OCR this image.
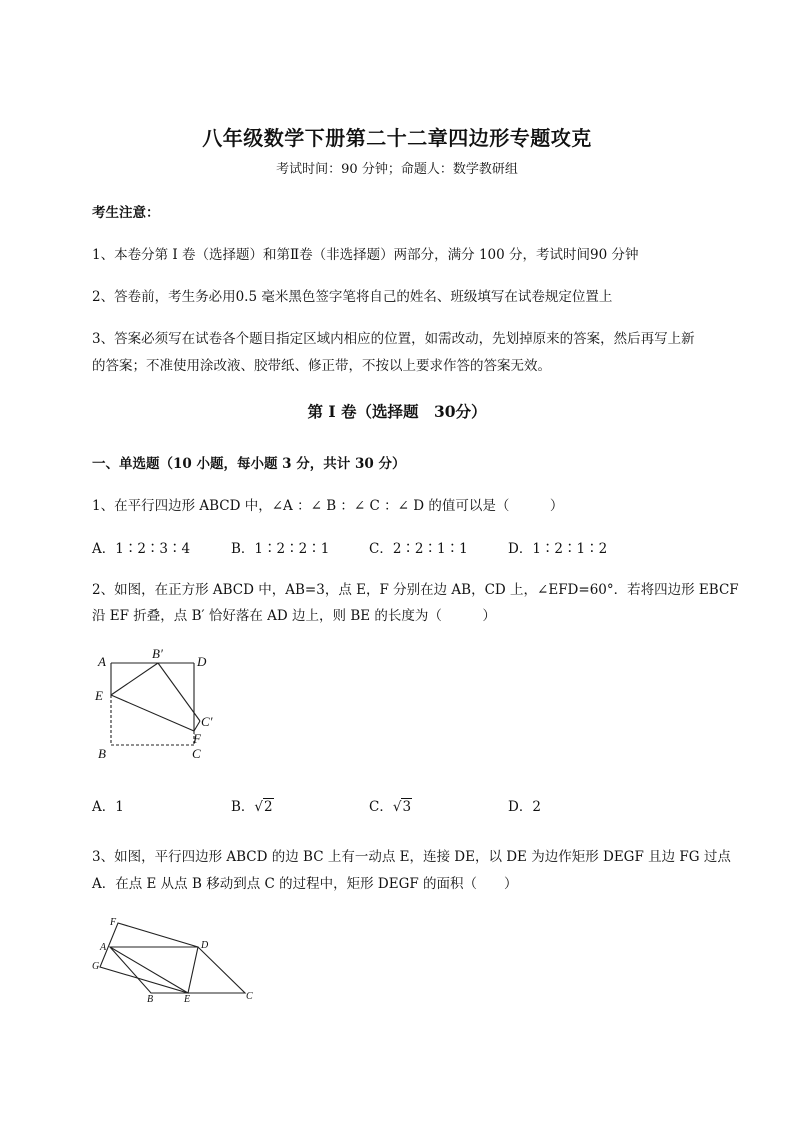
八年级数学下册第二十二章四边形专题攻克
考试时间：90 分钟；命题人：数学教研组
考生注意：
1、本卷分第 I 卷（选择题）和第Ⅱ卷（非选择题）两部分，满分 100 分，考试时间90 分钟
2、答卷前，考生务必用0.5 毫米黑色签字笔将自己的姓名、班级填写在试卷规定位置上
3、答案必须写在试卷各个题目指定区域内相应的位置，如需改动，先划掉原来的答案，然后再写上新
的答案；不准使用涂改液、胶带纸、修正带，不按以上要求作答的答案无效。
第 I 卷（选择题　30分）
一、单选题（10 小题，每小题 3 分，共计 30 分）
1、在平行四边形 ABCD 中，∠A ：∠ B ：∠ C ：∠ D 的值可以是（　　　）
A．1∶2∶3∶4	B．1∶2∶2∶1	C．2∶2∶1∶1	D．1∶2∶1∶2
2、如图，在正方形 ABCD 中，AB=3，点 E，F 分别在边 AB，CD 上，∠EFD=60°．若将四边形 EBCF
沿 EF 折叠，点 B′ 恰好落在 AD 边上，则 BE 的长度为（　　　）
A
B′
D
E
C′
F
B	C
A．1	B．√2	C．√3	D．2
3、如图，平行四边形 ABCD 的边 BC 上有一动点 E，连接 DE，以 DE 为边作矩形 DEGF 且边 FG 过点
A．在点 E 从点 B 移动到点 C 的过程中，矩形 DEGF 的面积（　　）
F
A	D
G
B	E	C
